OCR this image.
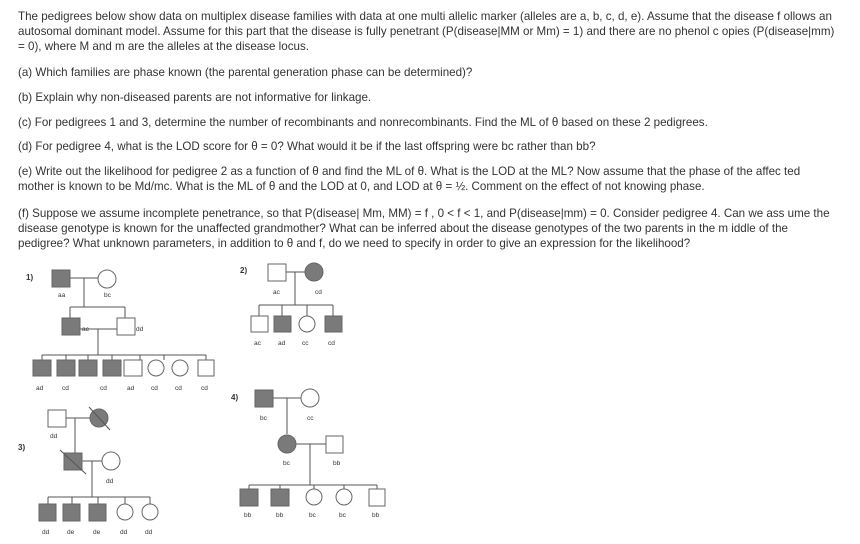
The pedigrees below show data on multiplex disease families with data at one multi allelic marker (alleles are a, b, c, d, e). Assume that the disease f ollows an autosomal dominant model. Assume for this part that the disease is fully penetrant (P(disease|MM or Mm) = 1) and there are no phenol c opies (P(disease|mm) = 0), where M and m are the alleles at the disease locus.

(a) Which families are phase known (the parental generation phase can be determined)?

(b) Explain why non-diseased parents are not informative for linkage.

(c) For pedigrees 1 and 3, determine the number of recombinants and nonrecombinants. Find the ML of θ based on these 2 pedigrees.

(d) For pedigree 4, what is the LOD score for θ = 0? What would it be if the last offspring were bc rather than bb?

(e) Write out the likelihood for pedigree 2 as a function of θ and find the ML of θ. What is the LOD at the ML? Now assume that the phase of the affec ted mother is known to be Md/mc. What is the ML of θ and the LOD at 0, and LOD at θ = ½. Comment on the effect of not knowing phase.

(f) Suppose we assume incomplete penetrance, so that P(disease| Mm, MM) = f , 0 < f < 1, and P(disease|mm) = 0. Consider pedigree 4. Can we ass ume the disease genotype is known for the unaffected grandmother? What can be inferred about the disease genotypes of the two parents in the m iddle of the pedigree? What unknown parameters, in addition to θ and f, do we need to specify in order to give an expression for the likelihood?

1)
aa	bc
ac	dd
ad	cd	cd	ad	cd	cd	cd
2)
ac	cd
ac	ad	cc	cd
3)
dd
dd
dd	de	de	dd	dd
4)
bc	cc
bc	bb
bb	bb	bc	bc	bb
